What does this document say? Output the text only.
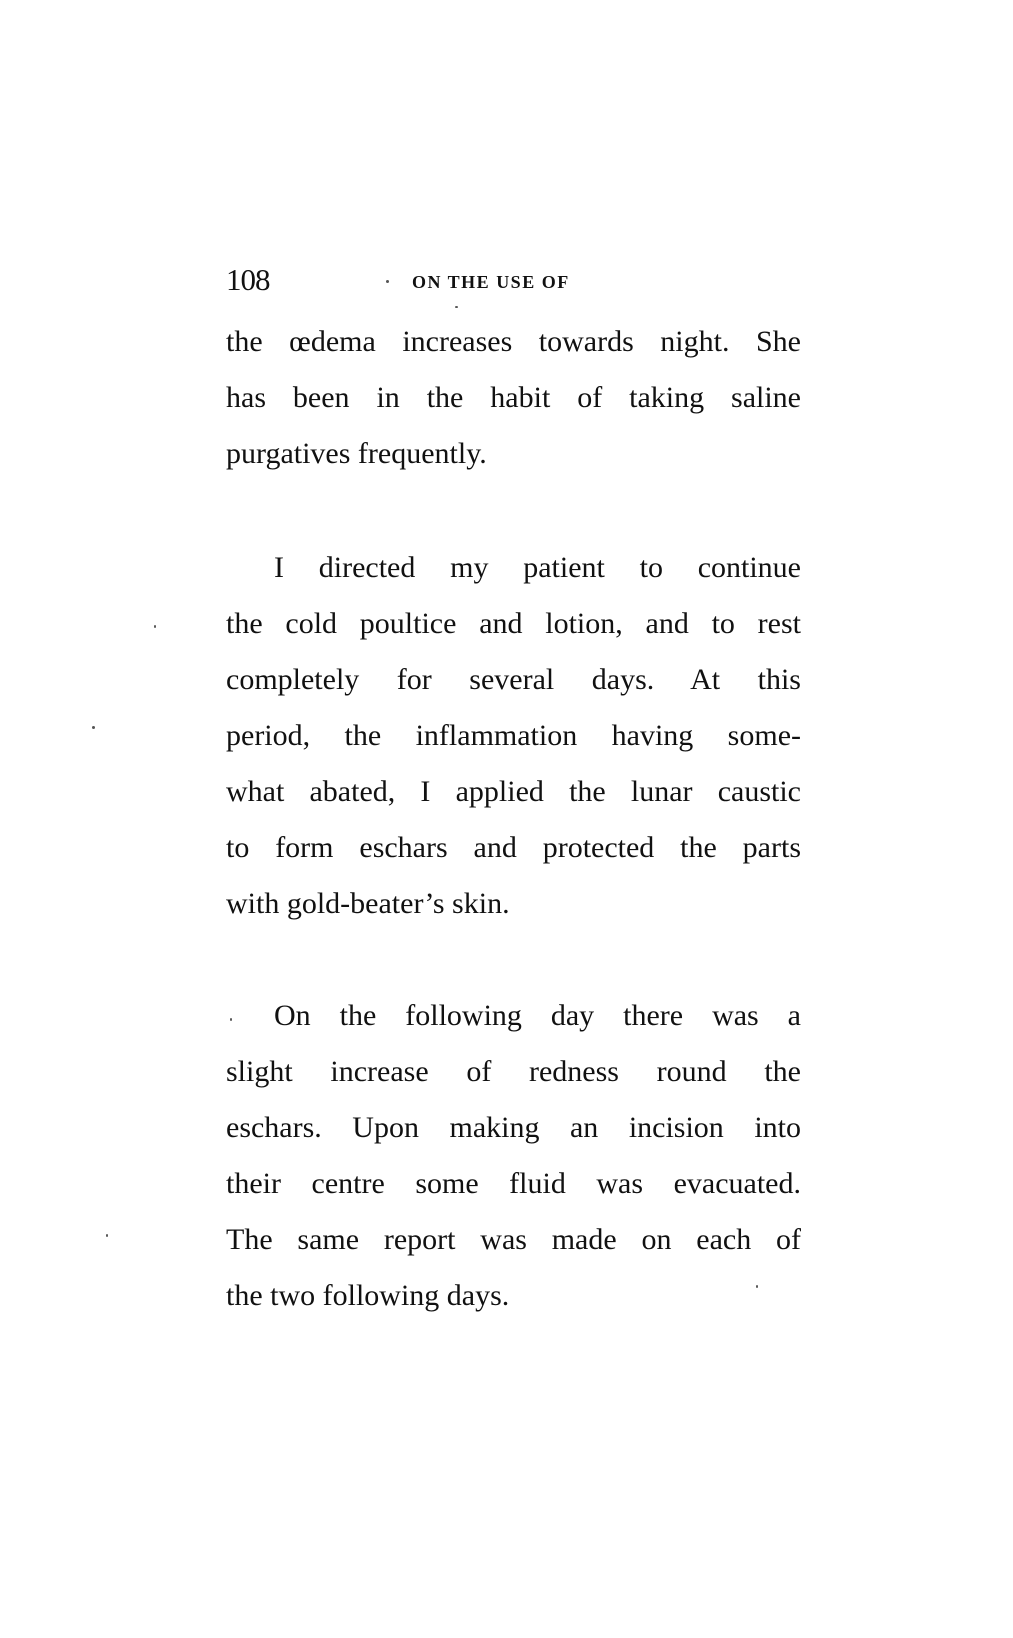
108	ON THE USE OF
the œdema increases towards night. She
has been in the habit of taking saline
purgatives frequently.
I directed my patient to continue
the cold poultice and lotion, and to rest
completely for several days. At this
period, the inflammation having some-
what abated, I applied the lunar caustic
to form eschars and protected the parts
with gold-beater’s skin.
On the following day there was a
slight increase of redness round the
eschars. Upon making an incision into
their centre some fluid was evacuated.
The same report was made on each of
the two following days.
